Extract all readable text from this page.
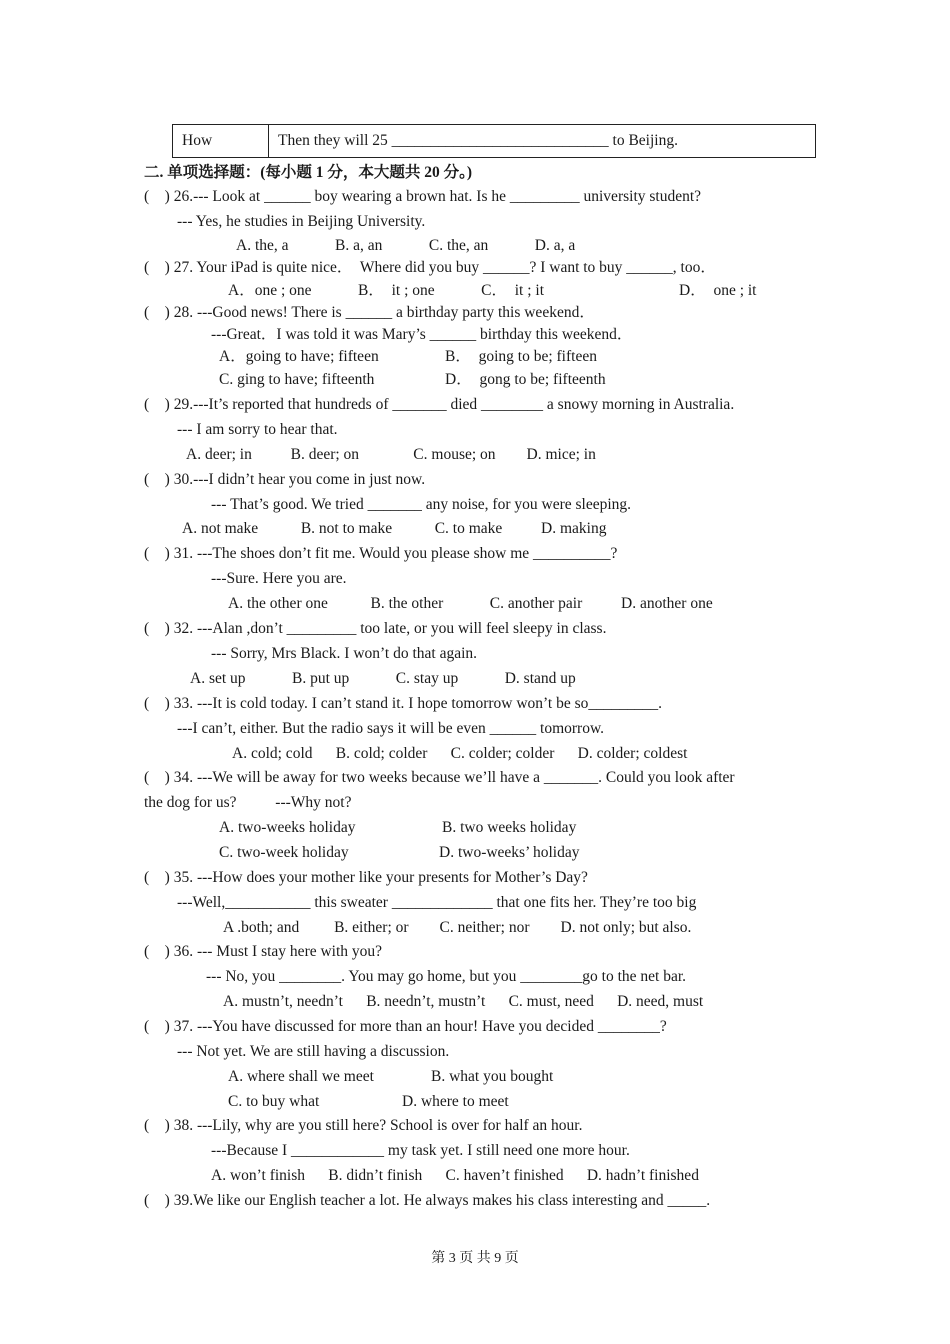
How	Then they will 25 ____________________________ to Beijing.
二. 单项选择题：(每小题 1 分，本大题共 20 分。)
(    ) 26.--- Look at ______ boy wearing a brown hat. Is he _________ university student?
--- Yes, he studies in Beijing University.
A. the, a            B. a, an            C. the, an            D. a, a
(    ) 27. Your iPad is quite nice．  Where did you buy ______? I want to buy ______, too．
A．one ; one            B．  it ; one            C．  it ; it	D．  one ; it
(    ) 28. ---Good news! There is ______ a birthday party this weekend．
---Great．I was told it was Mary’s ______ birthday this weekend．
A．going to have; fifteen	B．  going to be; fifteen
C. ging to have; fifteenth	D．  gong to be; fifteenth
(    ) 29.---It’s reported that hundreds of _______ died ________ a snowy morning in Australia.
--- I am sorry to hear that.
A. deer; in          B. deer; on              C. mouse; on        D. mice; in
(    ) 30.---I didn’t hear you come in just now.
--- That’s good. We tried _______ any noise, for you were sleeping.
A. not make           B. not to make           C. to make          D. making
(    ) 31. ---The shoes don’t fit me. Would you please show me __________?
---Sure. Here you are.
A. the other one           B. the other            C. another pair          D. another one
(    ) 32. ---Alan ,don’t _________ too late, or you will feel sleepy in class.
--- Sorry, Mrs Black. I won’t do that again.
A. set up            B. put up            C. stay up            D. stand up
(    ) 33. ---It is cold today. I can’t stand it. I hope tomorrow won’t be so_________.
---I can’t, either. But the radio says it will be even ______ tomorrow.
A. cold; cold      B. cold; colder      C. colder; colder      D. colder; coldest
(    ) 34. ---We will be away for two weeks because we’ll have a _______. Could you look after
the dog for us?          ---Why not?
A. two-weeks holiday	B. two weeks holiday
C. two-week holiday	D. two-weeks’ holiday
(    ) 35. ---How does your mother like your presents for Mother’s Day?
---Well,___________ this sweater _____________ that one fits her. They’re too big
A .both; and         B. either; or        C. neither; nor        D. not only; but also.
(    ) 36. --- Must I stay here with you?
--- No, you ________. You may go home, but you ________go to the net bar.
A. mustn’t, needn’t      B. needn’t, mustn’t      C. must, need      D. need, must
(    ) 37. ---You have discussed for more than an hour! Have you decided ________?
--- Not yet. We are still having a discussion.
A. where shall we meet	B. what you bought
C. to buy what	D. where to meet
(    ) 38. ---Lily, why are you still here? School is over for half an hour.
---Because I ____________ my task yet. I still need one more hour.
A. won’t finish      B. didn’t finish      C. haven’t finished      D. hadn’t finished
(    ) 39.We like our English teacher a lot. He always makes his class interesting and _____.
第 3 页 共 9 页
